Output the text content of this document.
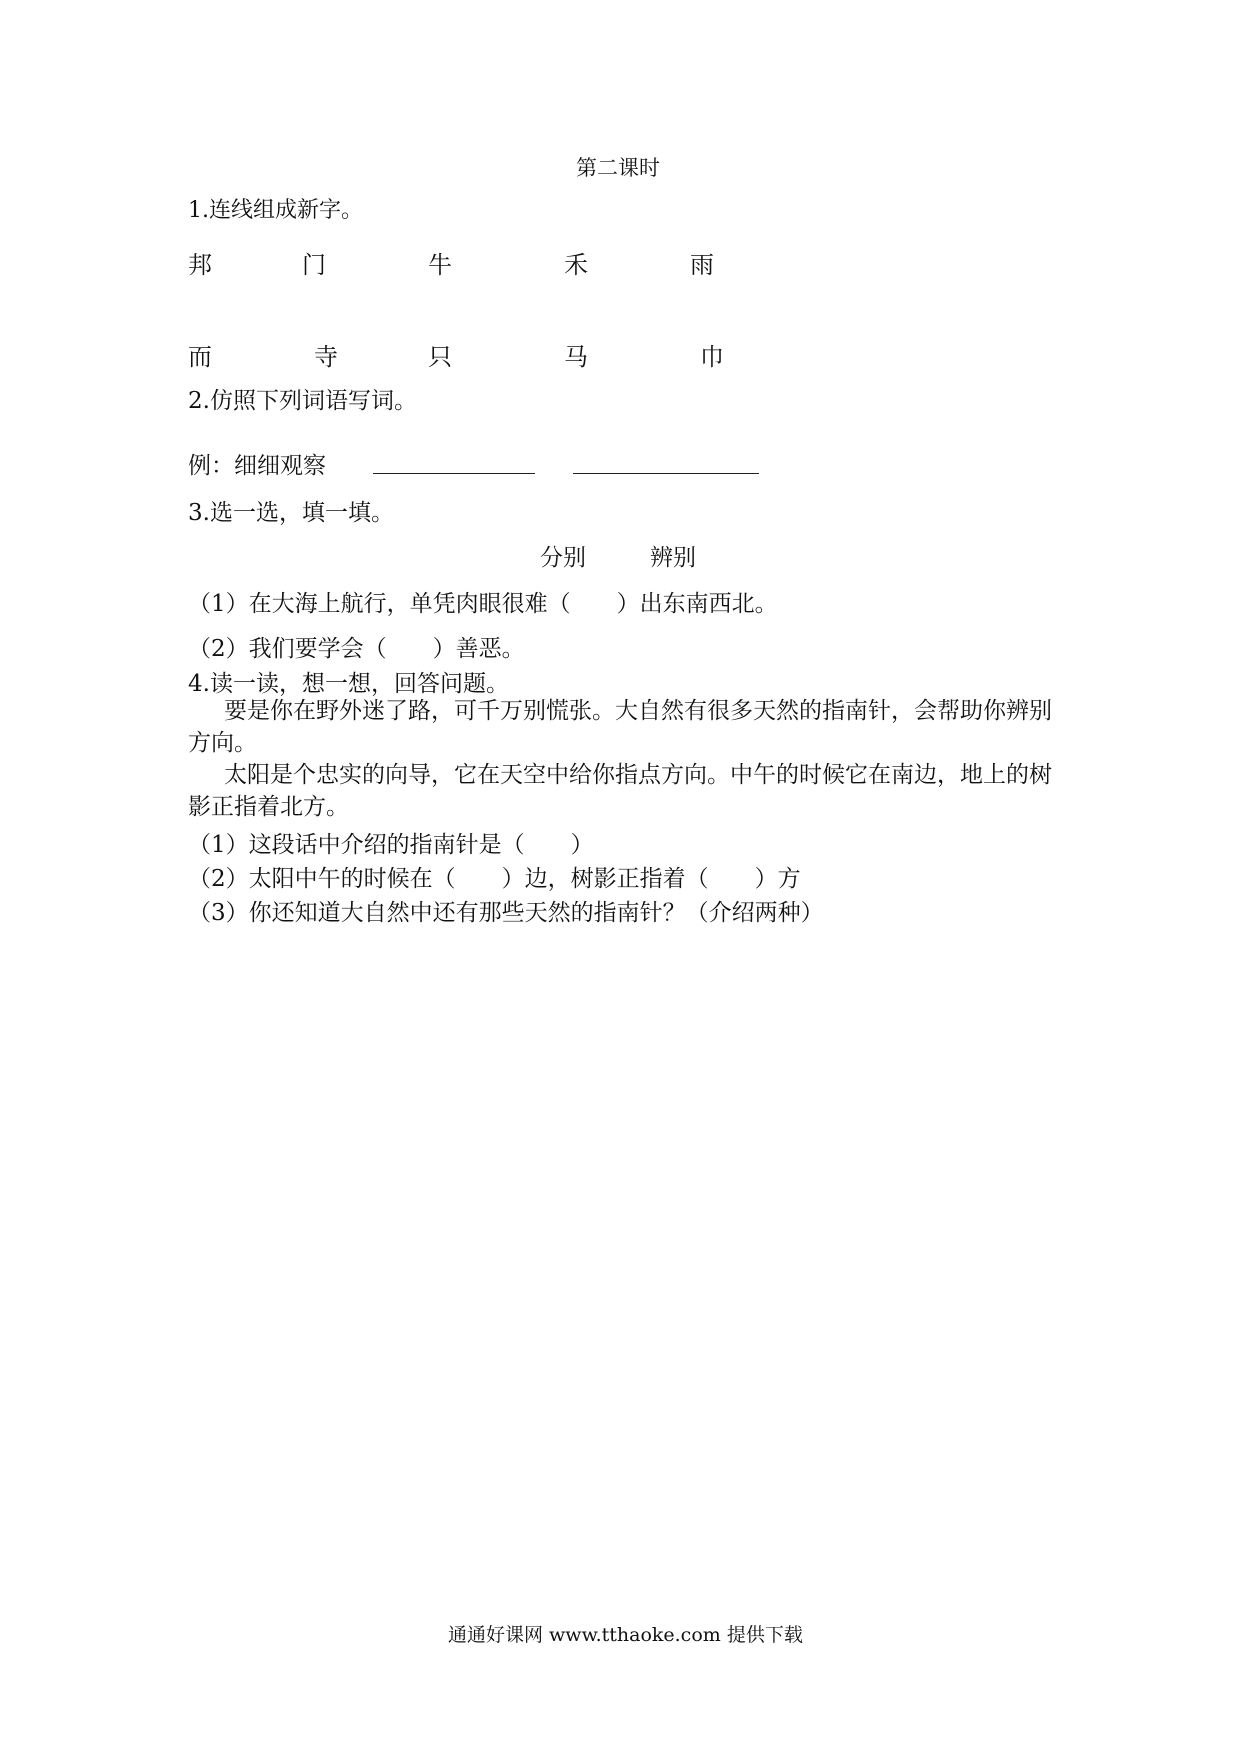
第二课时
1.连线组成新字。
邦	门	牛	禾	雨
而	寺	只	马	巾
2.仿照下列词语写词。
例：细细观察
3.选一选，填一填。
分别	辨别
（1）在大海上航行，单凭肉眼很难（　　）出东南西北。
（2）我们要学会（　　）善恶。
4.读一读，想一想，回答问题。
要是你在野外迷了路，可千万别慌张。大自然有很多天然的指南针，会帮助你辨别方向。
太阳是个忠实的向导，它在天空中给你指点方向。中午的时候它在南边，地上的树影正指着北方。
（1）这段话中介绍的指南针是（　　）
（2）太阳中午的时候在（　　）边，树影正指着（　　）方
（3）你还知道大自然中还有那些天然的指南针？（介绍两种）
通通好课网 www.tthaoke.com 提供下载
